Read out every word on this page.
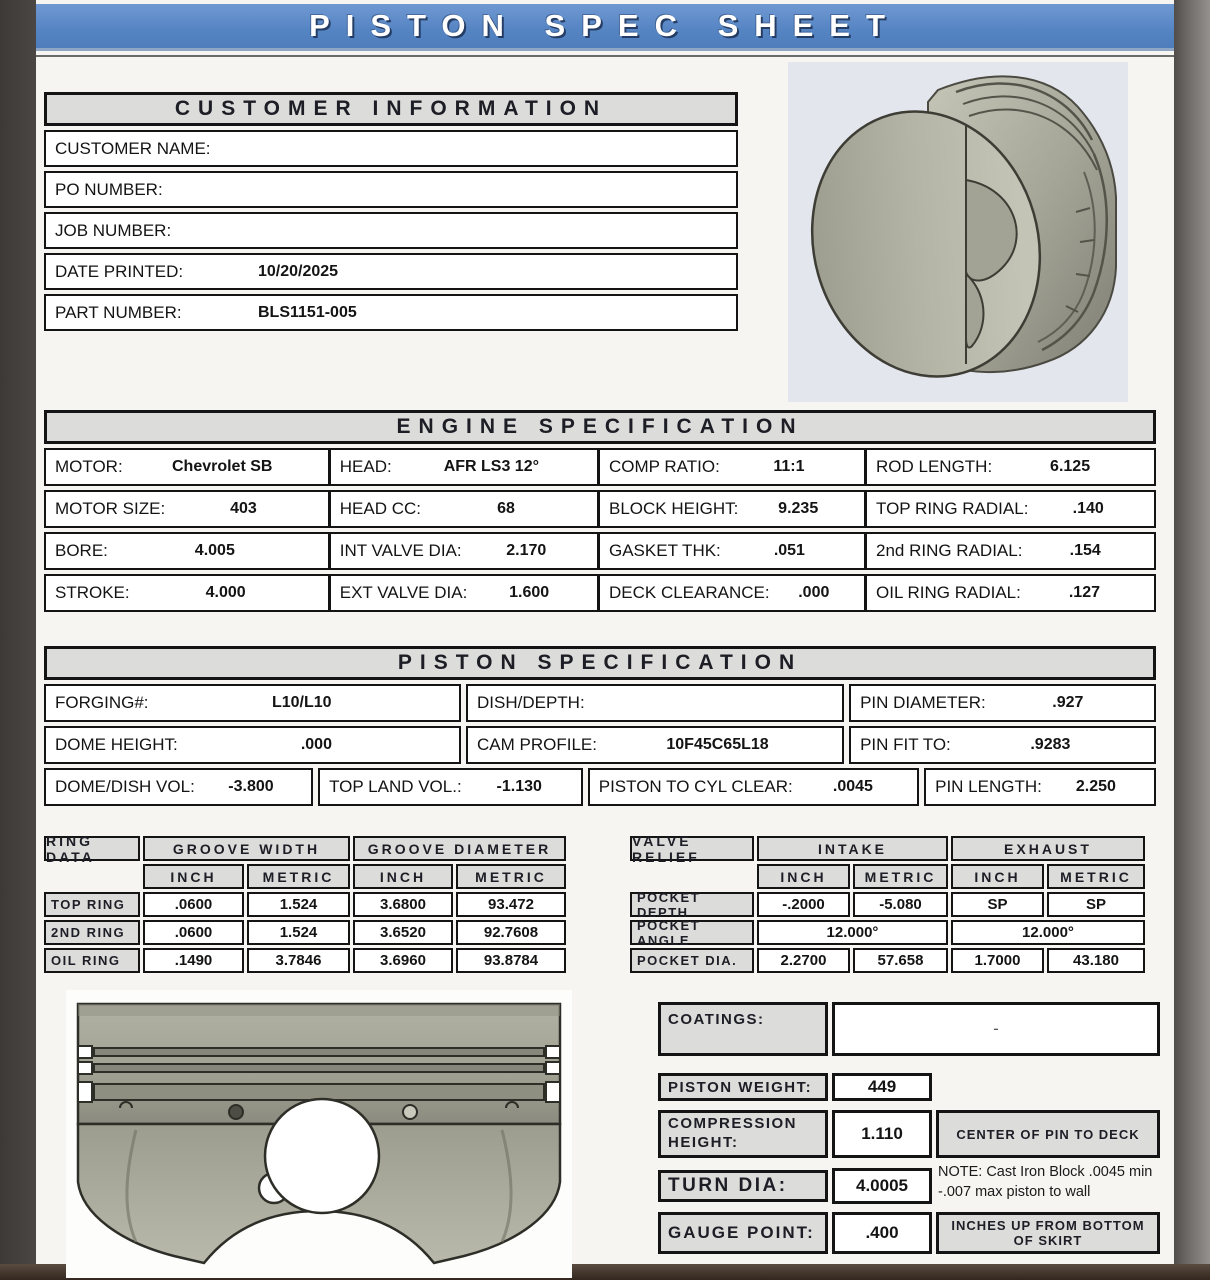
PISTON SPEC SHEET
CUSTOMER INFORMATION
CUSTOMER NAME:
PO NUMBER:
JOB NUMBER:
DATE PRINTED:	10/20/2025
PART NUMBER:	BLS1151-005
ENGINE SPECIFICATION
MOTOR:	Chevrolet SB	HEAD:	AFR LS3 12°	COMP RATIO:	11:1	ROD LENGTH:	6.125
MOTOR SIZE:	403	HEAD CC:	68	BLOCK HEIGHT:	9.235	TOP RING RADIAL:	.140
BORE:	4.005	INT VALVE DIA:	2.170	GASKET THK:	.051	2nd RING RADIAL:	.154
STROKE:	4.000	EXT VALVE DIA:	1.600	DECK CLEARANCE:	.000	OIL RING RADIAL:	.127
PISTON SPECIFICATION
FORGING#:	L10/L10	DISH/DEPTH:	PIN DIAMETER:	.927
DOME HEIGHT:	.000	CAM PROFILE:	10F45C65L18	PIN FIT TO:	.9283
DOME/DISH VOL:	-3.800	TOP LAND VOL.:	-1.130	PISTON TO CYL CLEAR:	.0045	PIN LENGTH:	2.250
RING DATA	GROOVE WIDTH	GROOVE DIAMETER
INCH	METRIC	INCH	METRIC
TOP RING	.0600	1.524	3.6800	93.472
2ND RING	.0600	1.524	3.6520	92.7608
OIL RING	.1490	3.7846	3.6960	93.8784
VALVE RELIEF	INTAKE	EXHAUST
INCH	METRIC	INCH	METRIC
POCKET DEPTH	-.2000	-5.080	SP	SP
POCKET ANGLE	12.000°	12.000°
POCKET DIA.	2.2700	57.658	1.7000	43.180
COATINGS:	-
PISTON WEIGHT:	449
COMPRESSION HEIGHT:	1.110	CENTER OF PIN TO DECK
TURN DIA:	4.0005
NOTE: Cast Iron Block .0045 min
-.007 max piston to wall
GAUGE POINT:	.400	INCHES UP FROM BOTTOM OF SKIRT
